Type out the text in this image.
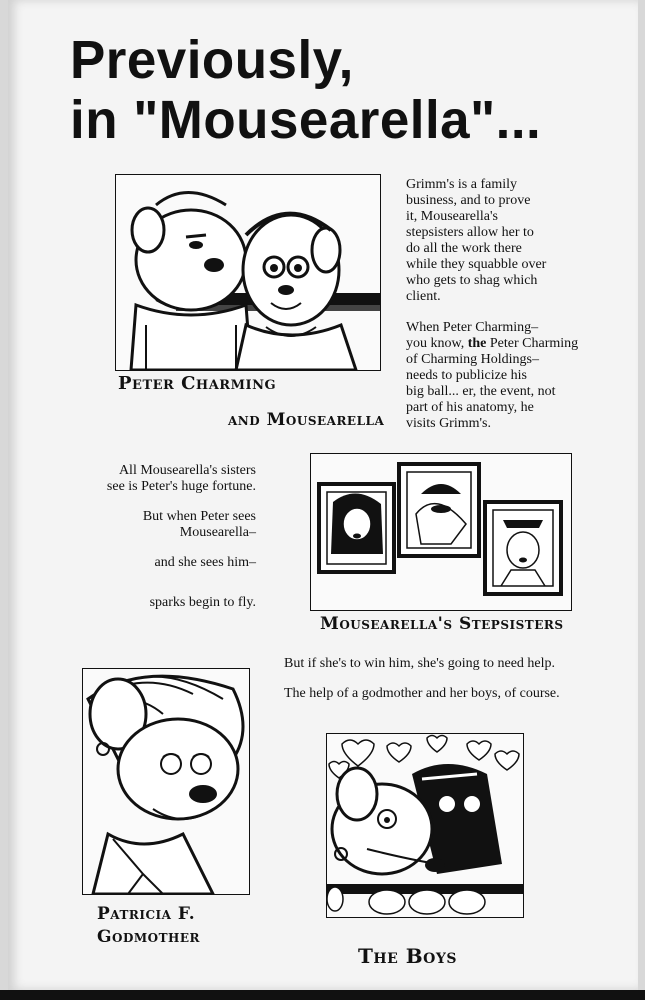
Previously,
in "Mousearella"...
Peter Charming
and Mousearella

Grimm's is a family

business, and to prove

it, Mousearella's

stepsisters allow her to

do all the work there

while they squabble over

who gets to shag which

client.

When Peter Charming–

you know, the Peter Charming

of Charming Holdings–

needs to publicize his

big ball... er, the event, not

part of his anatomy, he

visits Grimm's.

All Mousearella's sisters

see is Peter's huge fortune.

But when Peter sees

Mousearella–

and she sees him–

sparks begin to fly.

Mousearella's Stepsisters

But if she's to win him, she's going to need help.

The help of a godmother and her boys, of course.

Patricia F.
Godmother
The Boys
